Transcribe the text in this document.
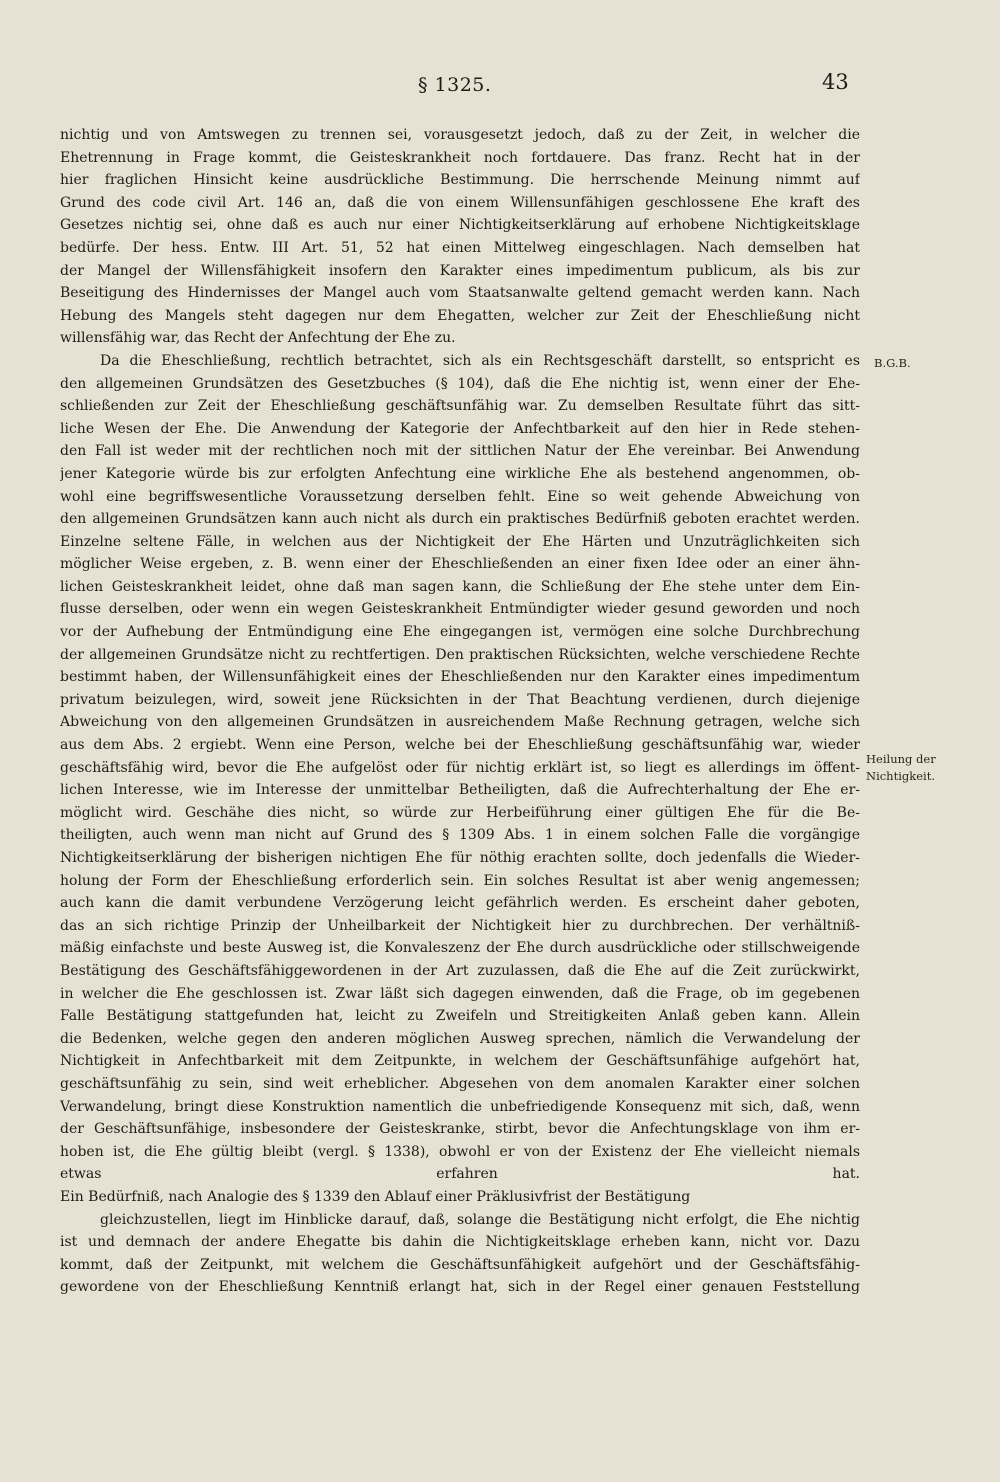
§ 1325.	43
nichtig und von Amtswegen zu trennen sei, vorausgesetzt jedoch, daß zu der Zeit, in welcher die
Ehetrennung in Frage kommt, die Geisteskrankheit noch fortdauere. Das franz. Recht hat in der
hier fraglichen Hinsicht keine ausdrückliche Bestimmung. Die herrschende Meinung nimmt auf
Grund des code civil Art. 146 an, daß die von einem Willensunfähigen geschlossene Ehe kraft des
Gesetzes nichtig sei, ohne daß es auch nur einer Nichtigkeitserklärung auf erhobene Nichtigkeitsklage
bedürfe. Der hess. Entw. III Art. 51, 52 hat einen Mittelweg eingeschlagen. Nach demselben hat
der Mangel der Willensfähigkeit insofern den Karakter eines impedimentum publicum, als bis zur
Beseitigung des Hindernisses der Mangel auch vom Staatsanwalte geltend gemacht werden kann. Nach
Hebung des Mangels steht dagegen nur dem Ehegatten, welcher zur Zeit der Eheschließung nicht
willensfähig war, das Recht der Anfechtung der Ehe zu.
Da die Eheschließung, rechtlich betrachtet, sich als ein Rechtsgeschäft darstellt, so entspricht es
den allgemeinen Grundsätzen des Gesetzbuches (§ 104), daß die Ehe nichtig ist, wenn einer der Ehe-
schließenden zur Zeit der Eheschließung geschäftsunfähig war. Zu demselben Resultate führt das sitt-
liche Wesen der Ehe. Die Anwendung der Kategorie der Anfechtbarkeit auf den hier in Rede stehen-
den Fall ist weder mit der rechtlichen noch mit der sittlichen Natur der Ehe vereinbar. Bei Anwendung
jener Kategorie würde bis zur erfolgten Anfechtung eine wirkliche Ehe als bestehend angenommen, ob-
wohl eine begriffswesentliche Voraussetzung derselben fehlt. Eine so weit gehende Abweichung von
den allgemeinen Grundsätzen kann auch nicht als durch ein praktisches Bedürfniß geboten erachtet werden.
Einzelne seltene Fälle, in welchen aus der Nichtigkeit der Ehe Härten und Unzuträglichkeiten sich
möglicher Weise ergeben, z. B. wenn einer der Eheschließenden an einer fixen Idee oder an einer ähn-
lichen Geisteskrankheit leidet, ohne daß man sagen kann, die Schließung der Ehe stehe unter dem Ein-
flusse derselben, oder wenn ein wegen Geisteskrankheit Entmündigter wieder gesund geworden und noch
vor der Aufhebung der Entmündigung eine Ehe eingegangen ist, vermögen eine solche Durchbrechung
der allgemeinen Grundsätze nicht zu rechtfertigen. Den praktischen Rücksichten, welche verschiedene Rechte
bestimmt haben, der Willensunfähigkeit eines der Eheschließenden nur den Karakter eines impedimentum
privatum beizulegen, wird, soweit jene Rücksichten in der That Beachtung verdienen, durch diejenige
Abweichung von den allgemeinen Grundsätzen in ausreichendem Maße Rechnung getragen, welche sich
aus dem Abs. 2 ergiebt. Wenn eine Person, welche bei der Eheschließung geschäftsunfähig war, wieder
geschäftsfähig wird, bevor die Ehe aufgelöst oder für nichtig erklärt ist, so liegt es allerdings im öffent-
lichen Interesse, wie im Interesse der unmittelbar Betheiligten, daß die Aufrechterhaltung der Ehe er-
möglicht wird. Geschähe dies nicht, so würde zur Herbeiführung einer gültigen Ehe für die Be-
theiligten, auch wenn man nicht auf Grund des § 1309 Abs. 1 in einem solchen Falle die vorgängige
Nichtigkeitserklärung der bisherigen nichtigen Ehe für nöthig erachten sollte, doch jedenfalls die Wieder-
holung der Form der Eheschließung erforderlich sein. Ein solches Resultat ist aber wenig angemessen;
auch kann die damit verbundene Verzögerung leicht gefährlich werden. Es erscheint daher geboten,
das an sich richtige Prinzip der Unheilbarkeit der Nichtigkeit hier zu durchbrechen. Der verhältniß-
mäßig einfachste und beste Ausweg ist, die Konvaleszenz der Ehe durch ausdrückliche oder stillschweigende
Bestätigung des Geschäftsfähiggewordenen in der Art zuzulassen, daß die Ehe auf die Zeit zurückwirkt,
in welcher die Ehe geschlossen ist. Zwar läßt sich dagegen einwenden, daß die Frage, ob im gegebenen
Falle Bestätigung stattgefunden hat, leicht zu Zweifeln und Streitigkeiten Anlaß geben kann. Allein
die Bedenken, welche gegen den anderen möglichen Ausweg sprechen, nämlich die Verwandelung der
Nichtigkeit in Anfechtbarkeit mit dem Zeitpunkte, in welchem der Geschäftsunfähige aufgehört hat,
geschäftsunfähig zu sein, sind weit erheblicher. Abgesehen von dem anomalen Karakter einer solchen
Verwandelung, bringt diese Konstruktion namentlich die unbefriedigende Konsequenz mit sich, daß, wenn
der Geschäftsunfähige, insbesondere der Geisteskranke, stirbt, bevor die Anfechtungsklage von ihm er-
hoben ist, die Ehe gültig bleibt (vergl. § 1338), obwohl er von der Existenz der Ehe vielleicht niemals
etwas erfahren hat.
Ein Bedürfniß, nach Analogie des § 1339 den Ablauf einer Präklusivfrist der Bestätigung
gleichzustellen, liegt im Hinblicke darauf, daß, solange die Bestätigung nicht erfolgt, die Ehe nichtig
ist und demnach der andere Ehegatte bis dahin die Nichtigkeitsklage erheben kann, nicht vor. Dazu
kommt, daß der Zeitpunkt, mit welchem die Geschäftsunfähigkeit aufgehört und der Geschäftsfähig-
gewordene von der Eheschließung Kenntniß erlangt hat, sich in der Regel einer genauen Feststellung
B.G.B.
Heilung der Nichtigkeit.
